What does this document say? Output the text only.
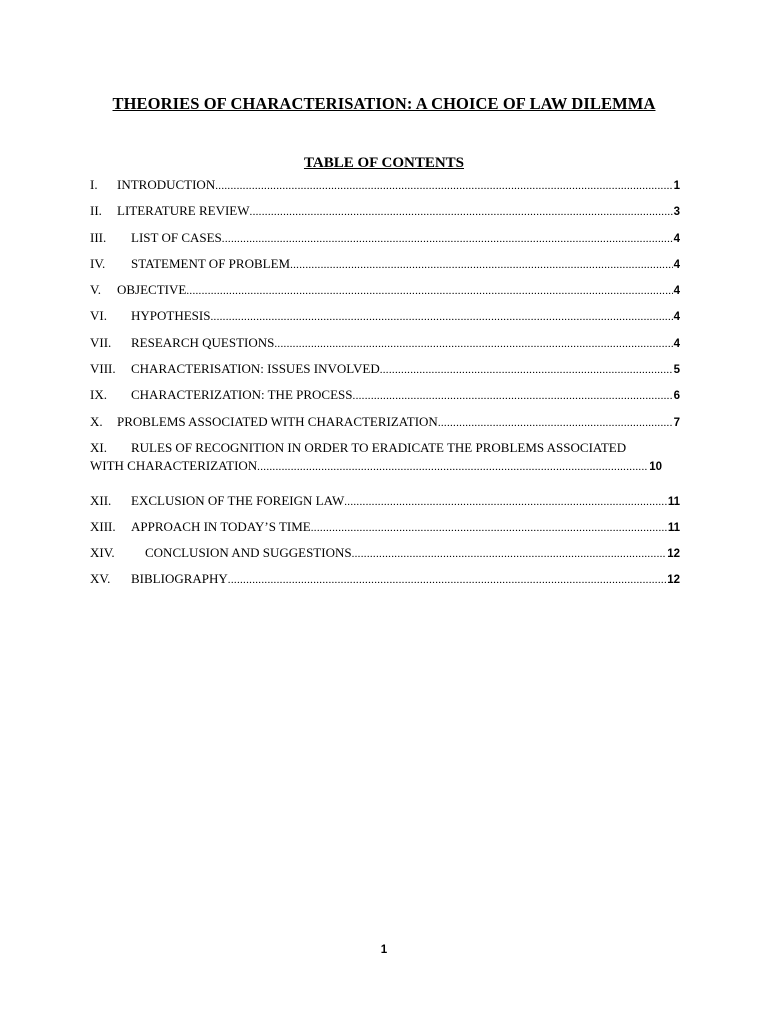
THEORIES OF CHARACTERISATION: A CHOICE OF LAW DILEMMA
TABLE OF CONTENTS
I.	INTRODUCTION .....	1
II.	LITERATURE REVIEW .....	3
III.	LIST OF CASES .....	4
IV.	STATEMENT OF PROBLEM .....	4
V.	OBJECTIVE .....	4
VI.	HYPOTHESIS .....	4
VII.	RESEARCH QUESTIONS .....	4
VIII.	CHARACTERISATION: ISSUES INVOLVED .....	5
IX.	CHARACTERIZATION: THE PROCESS .....	6
X.	PROBLEMS ASSOCIATED WITH CHARACTERIZATION .....	7
XI.	RULES OF RECOGNITION IN ORDER TO ERADICATE THE PROBLEMS ASSOCIATED
WITH CHARACTERIZATION .....	10
XII.	EXCLUSION OF THE FOREIGN LAW .....	11
XIII.	APPROACH IN TODAY’S TIME .....	11
XIV.	CONCLUSION AND SUGGESTIONS .....	12
XV.	BIBLIOGRAPHY .....	12
1
